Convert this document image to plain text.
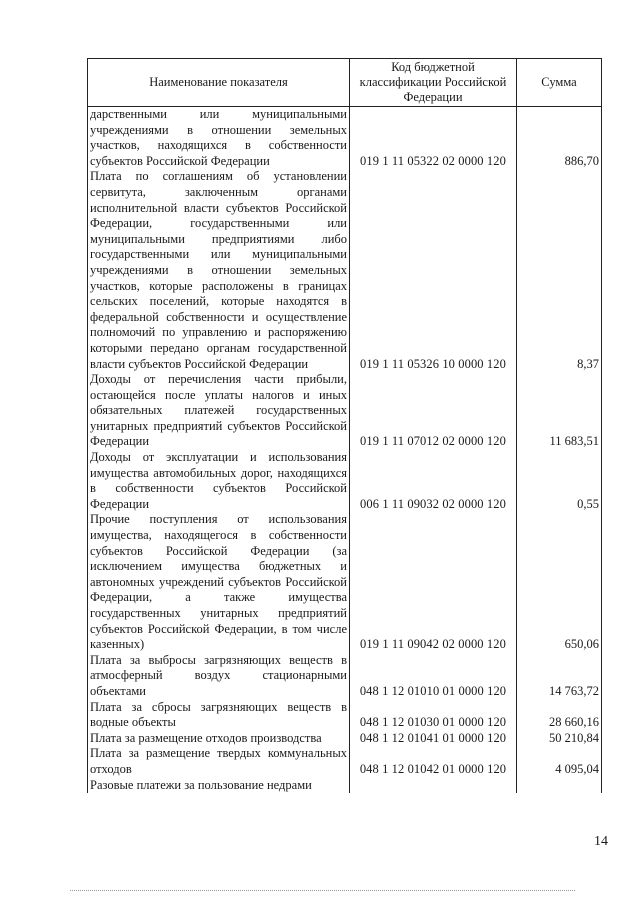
Наименование показателя	Код бюджетной классификации Российской Федерации	Сумма
дарственными или муниципальными учреждениями в отношении земельных участков, находящихся в собственности субъектов Российской Федерации	019 1 11 05322 02 0000 120	886,70
Плата по соглашениям об установлении сервитута, заключенным органами исполнительной власти субъектов Российской Федерации, государственными или муниципальными предприятиями либо государственными или муниципальными учреждениями в отношении земельных участков, которые расположены в границах сельских поселений, которые находятся в федеральной собственности и осуществление полномочий по управлению и распоряжению которыми передано органам государственной власти субъектов Российской Федерации	019 1 11 05326 10 0000 120	8,37
Доходы от перечисления части прибыли, остающейся после уплаты налогов и иных обязательных платежей государственных унитарных предприятий субъектов Российской Федерации	019 1 11 07012 02 0000 120	11 683,51
Доходы от эксплуатации и использования имущества автомобильных дорог, находящихся в собственности субъектов Российской Федерации	006 1 11 09032 02 0000 120	0,55
Прочие поступления от использования имущества, находящегося в собственности субъектов Российской Федерации (за исключением имущества бюджетных и автономных учреждений субъектов Российской Федерации, а также имущества государственных унитарных предприятий субъектов Российской Федерации, в том числе казенных)	019 1 11 09042 02 0000 120	650,06
Плата за выбросы загрязняющих веществ в атмосферный воздух стационарными объектами	048 1 12 01010 01 0000 120	14 763,72
Плата за сбросы загрязняющих веществ в водные объекты	048 1 12 01030 01 0000 120	28 660,16
Плата за размещение отходов производства	048 1 12 01041 01 0000 120	50 210,84
Плата за размещение твердых коммунальных отходов	048 1 12 01042 01 0000 120	4 095,04
Разовые платежи за пользование недрами		
14
